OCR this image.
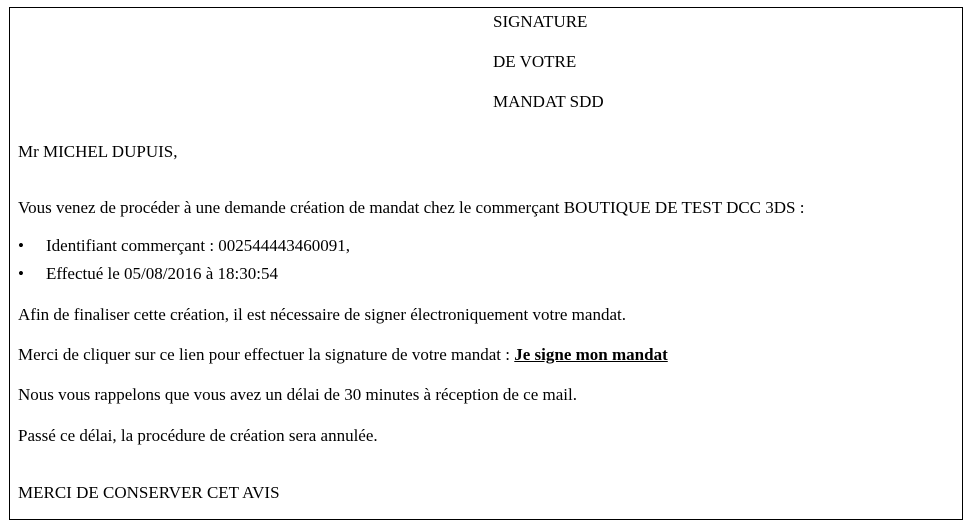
SIGNATURE
DE VOTRE
MANDAT SDD
Mr MICHEL DUPUIS,
Vous venez de procéder à une demande création de mandat chez le commerçant BOUTIQUE DE TEST DCC 3DS :
• Identifiant commerçant : 002544443460091,
• Effectué le 05/08/2016 à 18:30:54
Afin de finaliser cette création, il est nécessaire de signer électroniquement votre mandat.
Merci de cliquer sur ce lien pour effectuer la signature de votre mandat : Je signe mon mandat
Nous vous rappelons que vous avez un délai de 30 minutes à réception de ce mail.
Passé ce délai, la procédure de création sera annulée.
MERCI DE CONSERVER CET AVIS
